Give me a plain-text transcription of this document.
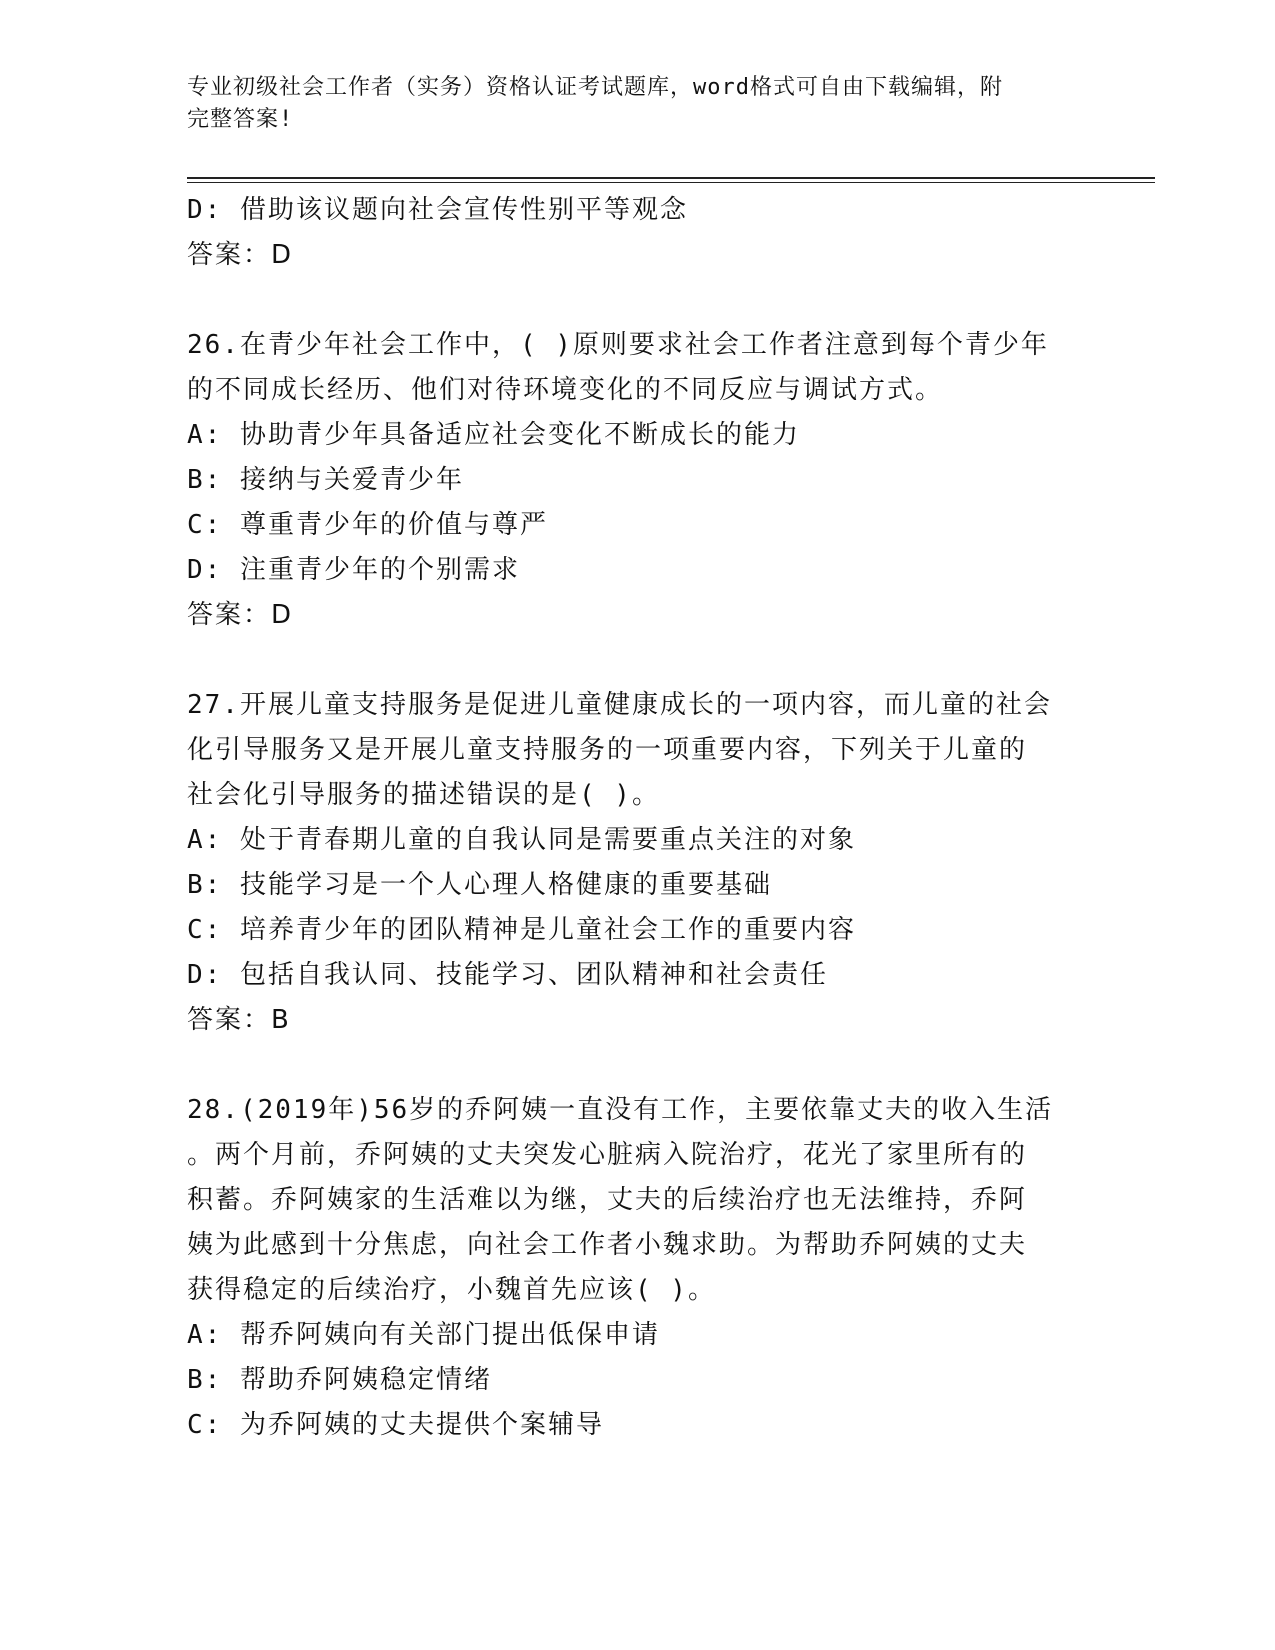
专业初级社会工作者（实务）资格认证考试题库，word格式可自由下载编辑，附
完整答案!
D: 借助该议题向社会宣传性别平等观念
答案：D
26.在青少年社会工作中，( )原则要求社会工作者注意到每个青少年
的不同成长经历、他们对待环境变化的不同反应与调试方式。
A: 协助青少年具备适应社会变化不断成长的能力
B: 接纳与关爱青少年
C: 尊重青少年的价值与尊严
D: 注重青少年的个别需求
答案：D
27.开展儿童支持服务是促进儿童健康成长的一项内容，而儿童的社会
化引导服务又是开展儿童支持服务的一项重要内容，下列关于儿童的
社会化引导服务的描述错误的是( )。
A: 处于青春期儿童的自我认同是需要重点关注的对象
B: 技能学习是一个人心理人格健康的重要基础
C: 培养青少年的团队精神是儿童社会工作的重要内容
D: 包括自我认同、技能学习、团队精神和社会责任
答案：B
28.(2019年)56岁的乔阿姨一直没有工作，主要依靠丈夫的收入生活
。两个月前，乔阿姨的丈夫突发心脏病入院治疗，花光了家里所有的
积蓄。乔阿姨家的生活难以为继，丈夫的后续治疗也无法维持，乔阿
姨为此感到十分焦虑，向社会工作者小魏求助。为帮助乔阿姨的丈夫
获得稳定的后续治疗，小魏首先应该( )。
A: 帮乔阿姨向有关部门提出低保申请
B: 帮助乔阿姨稳定情绪
C: 为乔阿姨的丈夫提供个案辅导
